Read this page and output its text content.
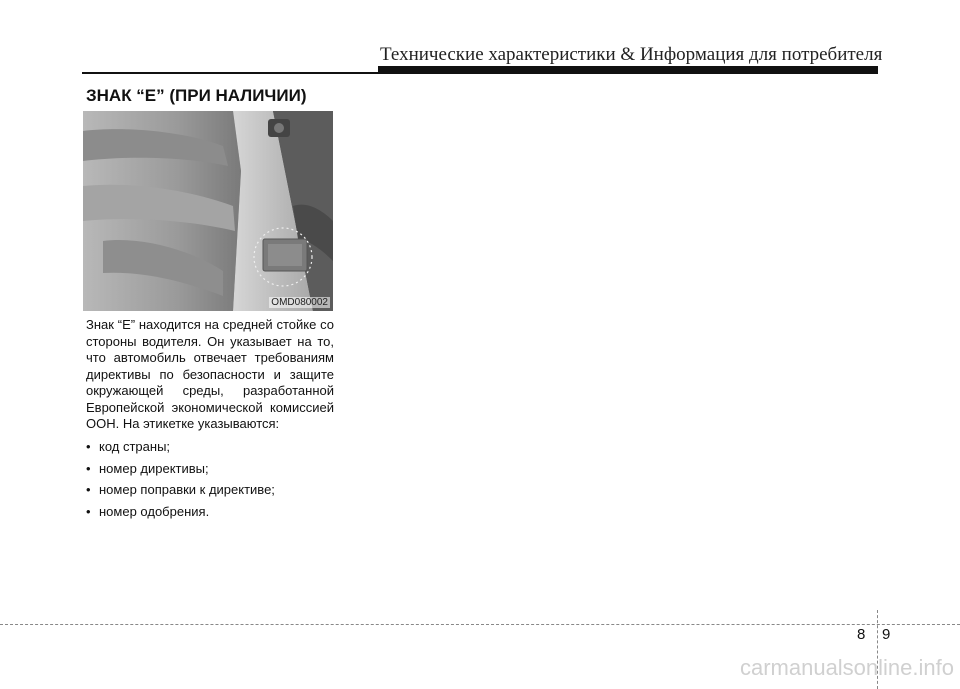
Технические характеристики & Информация для потребителя
ЗНАК “E” (ПРИ НАЛИЧИИ)
OMD080002
Знак “E” находится на средней стойке со стороны водителя. Он указывает на то, что автомобиль отвечает требованиям директивы по безопасности и защите окружающей среды, разработанной Европейской экономической комиссией ООН. На этикетке указываются:
• код страны;
• номер директивы;
• номер поправки к директиве;
• номер одобрения.
8 9
carmanualsonline.info
